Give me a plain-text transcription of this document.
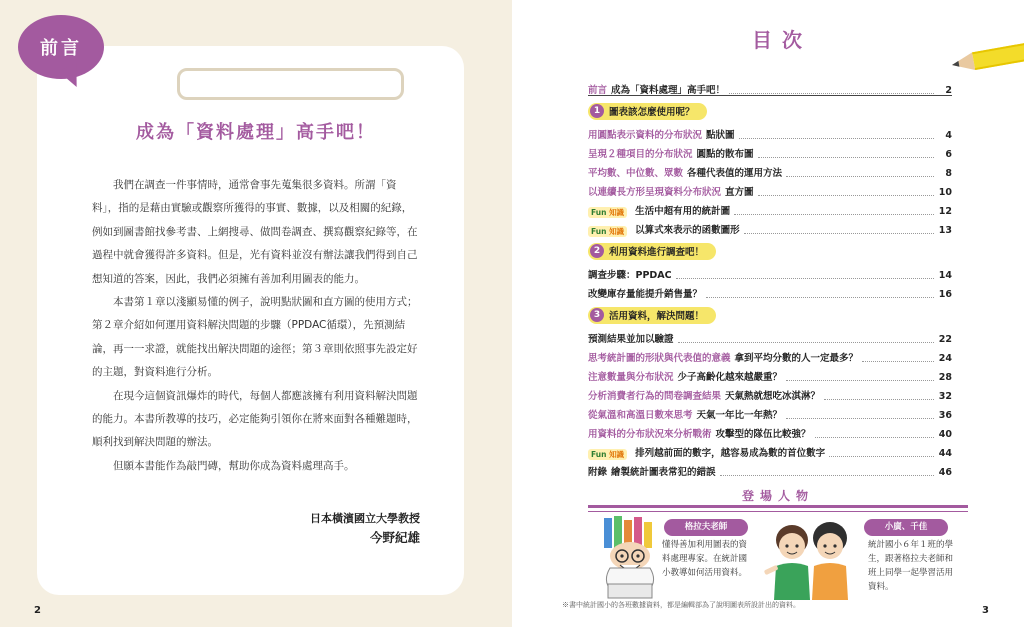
前言
成為「資料處理」高手吧！

我們在調查一件事情時，通常會事先蒐集很多資料。所謂「資料」，指的是藉由實驗或觀察所獲得的事實、數據，以及相關的紀錄，例如到圖書館找參考書、上網搜尋、做問卷調查、撰寫觀察紀錄等，在過程中就會獲得許多資料。但是，光有資料並沒有辦法讓我們得到自己想知道的答案，因此，我們必須擁有善加利用圖表的能力。

本書第１章以淺顯易懂的例子，說明點狀圖和直方圖的使用方式；第２章介紹如何運用資料解決問題的步驟（PPDAC循環），先預測結論，再一一求證，就能找出解決問題的途徑；第３章則依照事先設定好的主題，對資料進行分析。

在現今這個資訊爆炸的時代，每個人都應該擁有利用資料解決問題的能力。本書所教導的技巧，必定能夠引領你在將來面對各種難題時，順利找到解決問題的辦法。

但願本書能作為敲門磚，幫助你成為資料處理高手。

日本橫濱國立大學教授
今野紀雄
2
目次
前言 成為「資料處理」高手吧！	2
1 圖表該怎麼使用呢？
用圓點表示資料的分布狀況 點狀圖	4
呈現２種項目的分布狀況 圓點的散布圖	6
平均數、中位數、眾數 各種代表值的運用方法	8
以連續長方形呈現資料分布狀況 直方圖	10
Fun 知識	生活中超有用的統計圖	12
Fun 知識	以算式來表示的函數圖形	13
2 利用資料進行調查吧！
調查步驟：PPDAC	14
改變庫存量能提升銷售量？	16
3 活用資料，解決問題！
預測結果並加以驗證	22
思考統計圖的形狀與代表值的意義 拿到平均分數的人一定最多？	24
注意數量與分布狀況 少子高齡化越來越嚴重？	28
分析消費者行為的問卷調查結果 天氣熱就想吃冰淇淋？	32
從氣溫和高溫日數來思考 天氣一年比一年熱？	36
用資料的分布狀況來分析戰術 攻擊型的隊伍比較強？	40
Fun 知識	排列越前面的數字，越容易成為數的首位數字	44
附錄 繪製統計圖表常犯的錯誤	46
登場人物
格拉夫老師
懂得善加利用圖表的資料處理專家。在統計國小教導如何活用資料。
小廣、千佳
統計國小６年１班的學生，跟著格拉夫老師和班上同學一起學習活用資料。
※書中統計國小的各班數據資料，都是編輯部為了說明圖表所設計出的資料。	3
